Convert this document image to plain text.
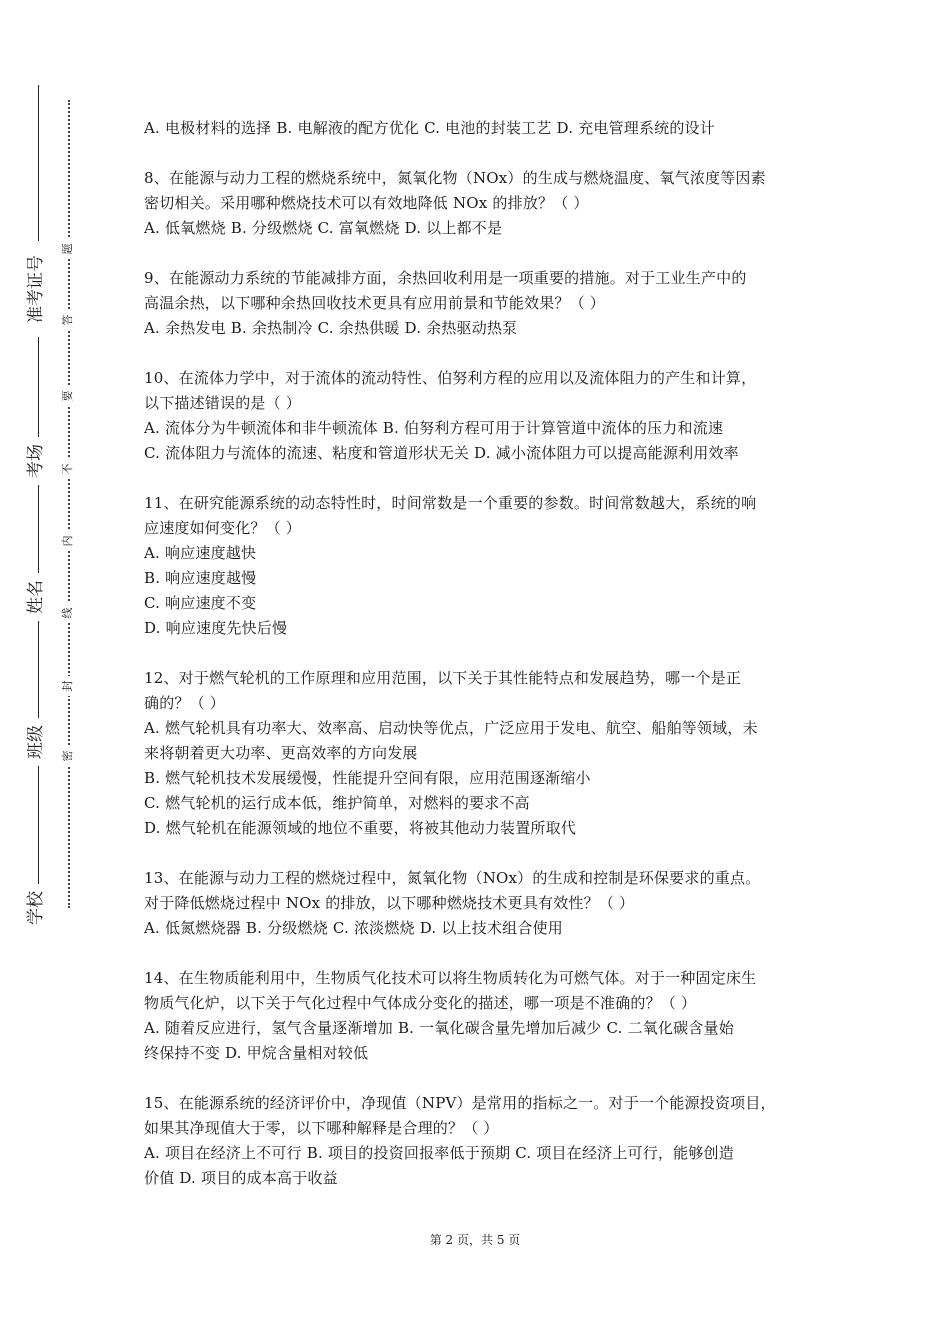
准考证号
考场
姓名
班级
学校
题
答
要
不
内
线
封
密

A. 电极材料的选择 B. 电解液的配方优化 C. 电池的封装工艺 D. 充电管理系统的设计

8、在能源与动力工程的燃烧系统中，氮氧化物（NOx）的生成与燃烧温度、氧气浓度等因素

密切相关。采用哪种燃烧技术可以有效地降低 NOx 的排放？（ ）

A. 低氧燃烧 B. 分级燃烧 C. 富氧燃烧 D. 以上都不是

9、在能源动力系统的节能减排方面，余热回收利用是一项重要的措施。对于工业生产中的

高温余热，以下哪种余热回收技术更具有应用前景和节能效果？（ ）

A. 余热发电 B. 余热制冷 C. 余热供暖 D. 余热驱动热泵

10、在流体力学中，对于流体的流动特性、伯努利方程的应用以及流体阻力的产生和计算，

以下描述错误的是（ ）

A. 流体分为牛顿流体和非牛顿流体 B. 伯努利方程可用于计算管道中流体的压力和流速

C. 流体阻力与流体的流速、粘度和管道形状无关 D. 减小流体阻力可以提高能源利用效率

11、在研究能源系统的动态特性时，时间常数是一个重要的参数。时间常数越大，系统的响

应速度如何变化？（ ）

A. 响应速度越快

B. 响应速度越慢

C. 响应速度不变

D. 响应速度先快后慢

12、对于燃气轮机的工作原理和应用范围，以下关于其性能特点和发展趋势，哪一个是正

确的？（ ）

A. 燃气轮机具有功率大、效率高、启动快等优点，广泛应用于发电、航空、船舶等领域，未

来将朝着更大功率、更高效率的方向发展

B. 燃气轮机技术发展缓慢，性能提升空间有限，应用范围逐渐缩小

C. 燃气轮机的运行成本低，维护简单，对燃料的要求不高

D. 燃气轮机在能源领域的地位不重要，将被其他动力装置所取代

13、在能源与动力工程的燃烧过程中，氮氧化物（NOx）的生成和控制是环保要求的重点。

对于降低燃烧过程中 NOx 的排放，以下哪种燃烧技术更具有效性？（ ）

A. 低氮燃烧器 B. 分级燃烧 C. 浓淡燃烧 D. 以上技术组合使用

14、在生物质能利用中，生物质气化技术可以将生物质转化为可燃气体。对于一种固定床生

物质气化炉，以下关于气化过程中气体成分变化的描述，哪一项是不准确的？（ ）

A. 随着反应进行，氢气含量逐渐增加 B. 一氧化碳含量先增加后减少 C. 二氧化碳含量始

终保持不变 D. 甲烷含量相对较低

15、在能源系统的经济评价中，净现值（NPV）是常用的指标之一。对于一个能源投资项目，

如果其净现值大于零，以下哪种解释是合理的？（ ）

A. 项目在经济上不可行 B. 项目的投资回报率低于预期 C. 项目在经济上可行，能够创造

价值 D. 项目的成本高于收益

第 2 页，共 5 页
